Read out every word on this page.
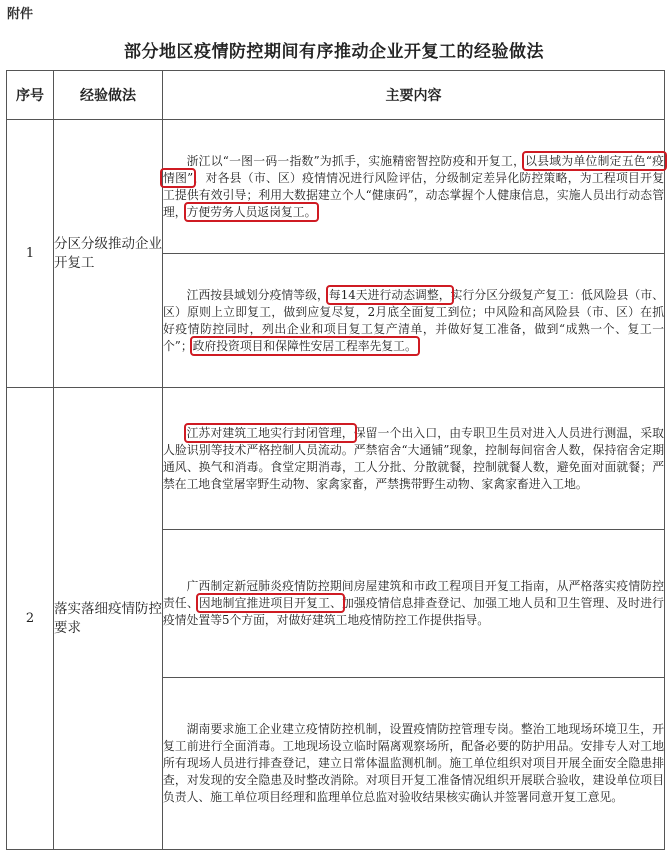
附件
部分地区疫情防控期间有序推动企业开复工的经验做法
序号	经验做法	主要内容
1	分区分级推动企业开复工	浙江以“一图一码一指数”为抓手，实施精密智控防疫和开复工，以县域为单位制定五色“疫情图”，对各县（市、区）疫情情况进行风险评估，分级制定差异化防控策略，为工程项目开复工提供有效引导；利用大数据建立个人“健康码”，动态掌握个人健康信息，实施人员出行动态管理，方便劳务人员返岗复工。

		江西按县域划分疫情等级，每14天进行动态调整，实行分区分级复产复工：低风险县（市、区）原则上立即复工，做到应复尽复，2月底全面复工到位；中风险和高风险县（市、区）在抓好疫情防控同时，列出企业和项目复工复产清单，并做好复工准备，做到“成熟一个、复工一个”；政府投资项目和保障性安居工程率先复工。

2	落实落细疫情防控要求	江苏对建筑工地实行封闭管理，保留一个出入口，由专职卫生员对进入人员进行测温，采取人脸识别等技术严格控制人员流动。严禁宿舍“大通铺”现象，控制每间宿舍人数，保持宿舍定期通风、换气和消毒。食堂定期消毒，工人分批、分散就餐，控制就餐人数，避免面对面就餐；严禁在工地食堂屠宰野生动物、家禽家畜，严禁携带野生动物、家禽家畜进入工地。

		广西制定新冠肺炎疫情防控期间房屋建筑和市政工程项目开复工指南，从严格落实疫情防控责任、因地制宜推进项目开复工、加强疫情信息排查登记、加强工地人员和卫生管理、及时进行疫情处置等5个方面，对做好建筑工地疫情防控工作提供指导。

		湖南要求施工企业建立疫情防控机制，设置疫情防控管理专岗。整治工地现场环境卫生，开复工前进行全面消毒。工地现场设立临时隔离观察场所，配备必要的防护用品。安排专人对工地所有现场人员进行排查登记，建立日常体温监测机制。施工单位组织对项目开展全面安全隐患排查，对发现的安全隐患及时整改消除。对项目开复工准备情况组织开展联合验收，建设单位项目负责人、施工单位项目经理和监理单位总监对验收结果核实确认并签署同意开复工意见。
